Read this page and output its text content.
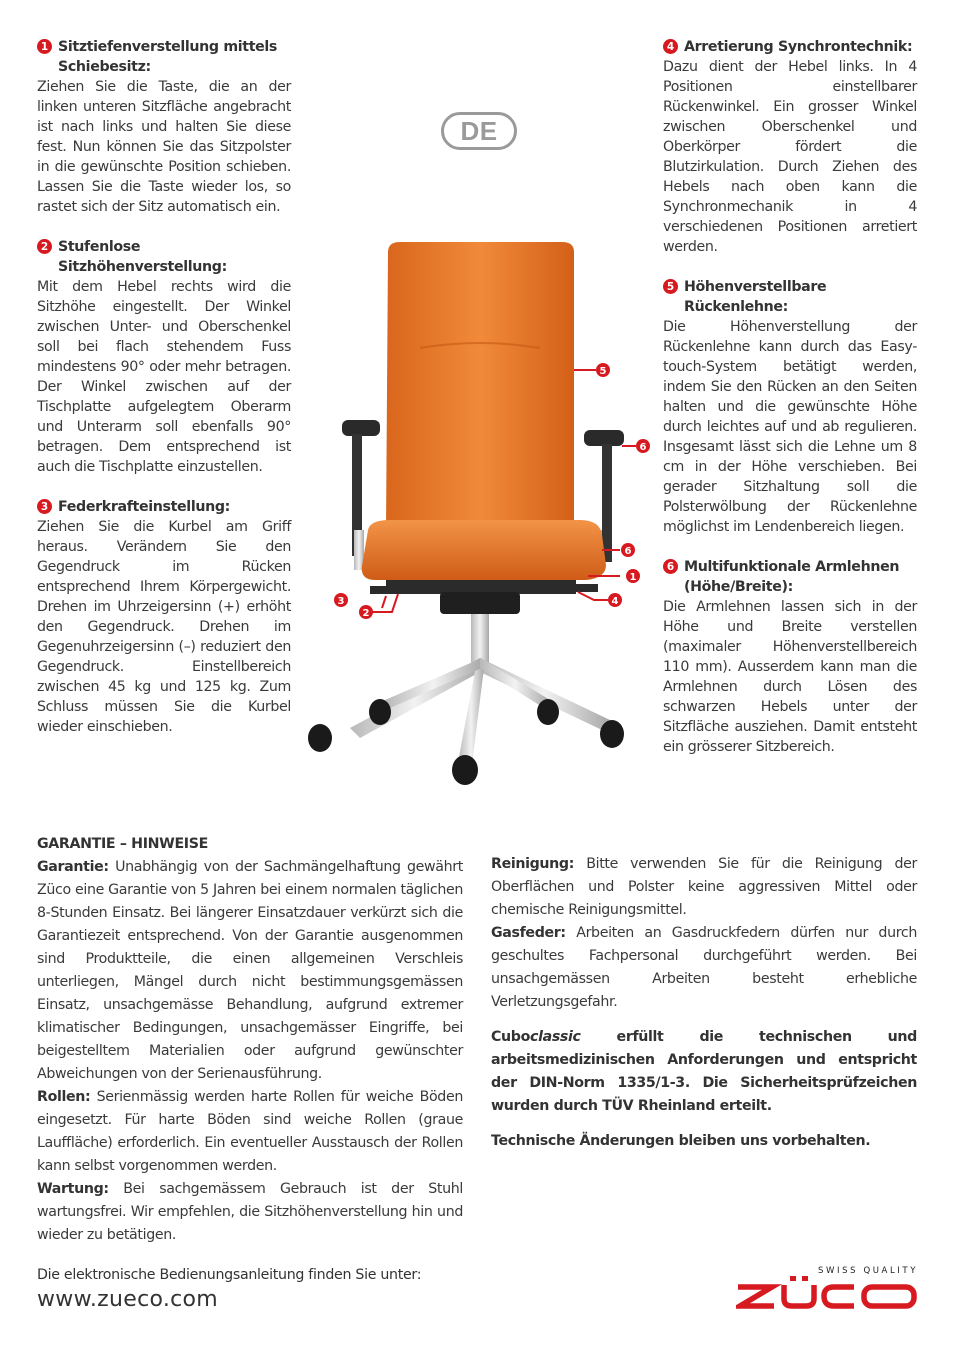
1 Sitztiefenverstellung mittels Schiebesitz:
Ziehen Sie die Taste, die an der linken unteren Sitzfläche angebracht ist nach links und halten Sie diese fest. Nun können Sie das Sitzpolster in die gewünschte Position schieben. Lassen Sie die Taste wieder los, so rastet sich der Sitz automatisch ein.
2 Stufenlose Sitzhöhenverstellung:
Mit dem Hebel rechts wird die Sitzhöhe eingestellt. Der Winkel zwischen Unter- und Oberschenkel soll bei flach stehendem Fuss mindestens 90° oder mehr betragen. Der Winkel zwischen auf der Tischplatte aufgelegtem Oberarm und Unterarm soll ebenfalls 90° betragen. Dem entsprechend ist auch die Tischplatte einzustellen.
3 Federkrafteinstellung:
Ziehen Sie die Kurbel am Griff heraus. Verändern Sie den Gegendruck im Rücken entsprechend Ihrem Körpergewicht. Drehen im Uhrzeigersinn (+) erhöht den Gegendruck. Drehen im Gegenuhrzeigersinn (–) reduziert den Gegendruck. Einstellbereich zwischen 45 kg und 125 kg. Zum Schluss müssen Sie die Kurbel wieder einschieben.
DE
5
6
6
1
4
3
2
4 Arretierung Synchrontechnik:
Dazu dient der Hebel links. In 4 Positionen einstellbarer Rückenwinkel. Ein grosser Winkel zwischen Oberschenkel und Oberkörper fördert die Blutzirkulation. Durch Ziehen des Hebels nach oben kann die Synchronmechanik in 4 verschiedenen Positionen arretiert werden.
5 Höhenverstellbare Rückenlehne:
Die Höhenverstellung der Rückenlehne kann durch das Easy-touch-System betätigt werden, indem Sie den Rücken an den Seiten halten und die gewünschte Höhe durch leichtes auf und ab regulieren. Insgesamt lässt sich die Lehne um 8 cm in der Höhe verschieben. Bei gerader Sitzhaltung soll die Polsterwölbung der Rückenlehne möglichst im Lendenbereich liegen.
6 Multifunktionale Armlehnen (Höhe/Breite):
Die Armlehnen lassen sich in der Höhe und Breite verstellen (maximaler Höhenverstellbereich 110 mm). Ausserdem kann man die Armlehnen durch Lösen des schwarzen Hebels unter der Sitzfläche ausziehen. Damit entsteht ein grösserer Sitzbereich.

GARANTIE – HINWEISE

Garantie: Unabhängig von der Sachmängelhaftung gewährt Züco eine Garantie von 5 Jahren bei einem normalen täglichen 8-Stunden Einsatz. Bei längerer Einsatzdauer verkürzt sich die Garantiezeit entsprechend. Von der Garantie ausgenommen sind Produktteile, die einen allgemeinen Verschleis unterliegen, Mängel durch nicht bestimmungsgemässen Einsatz, unsachgemässe Behandlung, aufgrund extremer klimatischer Bedingungen, unsachgemässer Eingriffe, bei beigestelltem Materialien oder aufgrund gewünschter Abweichungen von der Serienausführung.

Rollen: Serienmässig werden harte Rollen für weiche Böden eingesetzt. Für harte Böden sind weiche Rollen (graue Lauffläche) erforderlich. Ein eventueller Ausstausch der Rollen kann selbst vorgenommen werden.

Wartung: Bei sachgemässem Gebrauch ist der Stuhl wartungsfrei. Wir empfehlen, die Sitzhöhenverstellung hin und wieder zu betätigen.

Reinigung: Bitte verwenden Sie für die Reinigung der Oberflächen und Polster keine aggressiven Mittel oder chemische Reinigungsmittel.

Gasfeder: Arbeiten an Gasdruckfedern dürfen nur durch geschultes Fachpersonal durchgeführt werden. Bei unsachgemässen Arbeiten besteht erhebliche Verletzungsgefahr.

Cuboclassic erfüllt die technischen und arbeitsmedizinischen Anforderungen und entspricht der DIN-Norm 1335/1-3. Die Sicherheitsprüfzeichen wurden durch TÜV Rheinland erteilt.

Technische Änderungen bleiben uns vorbehalten.

Die elektronische Bedienungsanleitung finden Sie unter:
www.zueco.com
SWISS QUALITY
